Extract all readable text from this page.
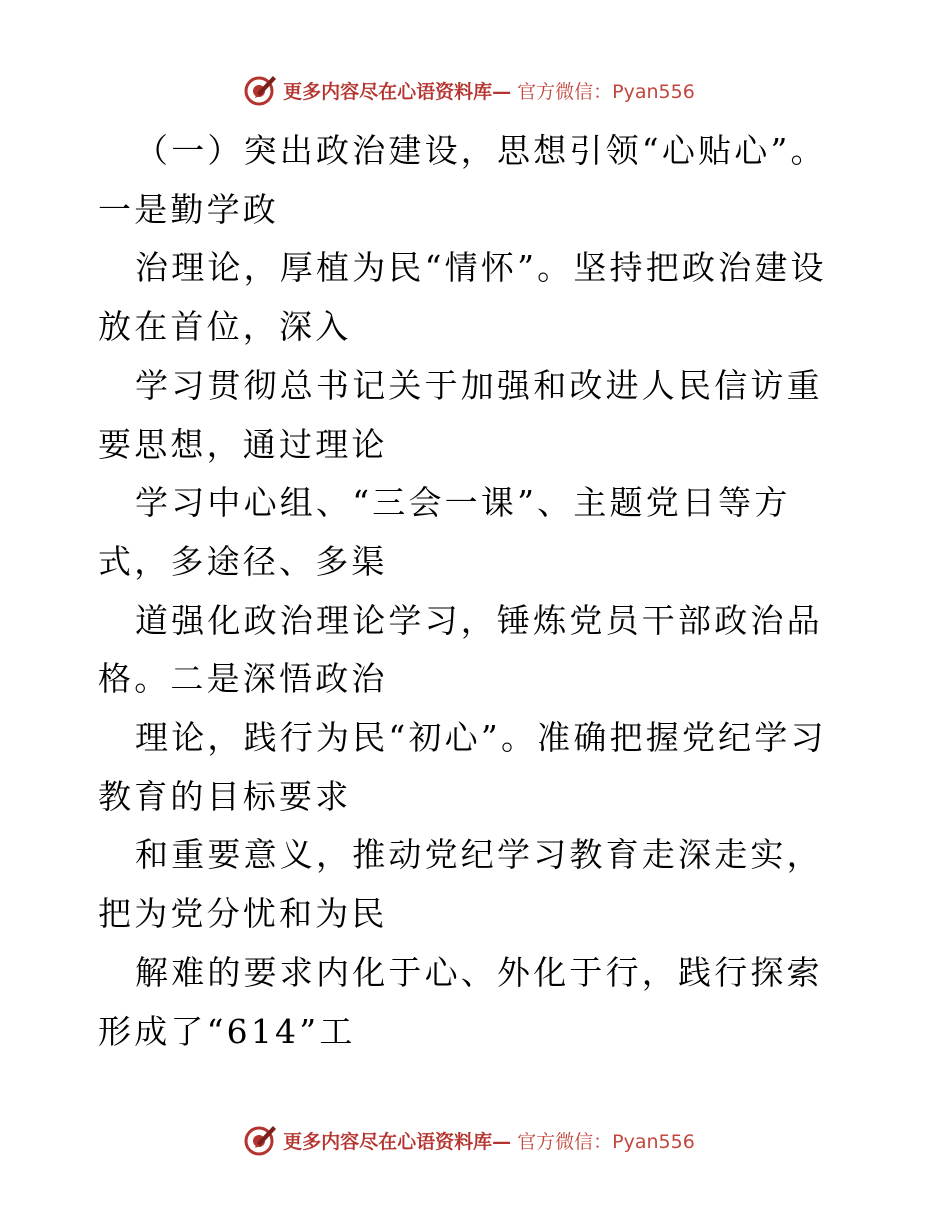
更多内容尽在心语资料库— 官方微信：Pyan556

（一）突出政治建设，思想引领“心贴心”。一是勤学政

治理论，厚植为民“情怀”。坚持把政治建设放在首位，深入

学习贯彻总书记关于加强和改进人民信访重要思想，通过理论

学习中心组、“三会一课”、主题党日等方式，多途径、多渠

道强化政治理论学习，锤炼党员干部政治品格。二是深悟政治

理论，践行为民“初心”。准确把握党纪学习教育的目标要求

和重要意义，推动党纪学习教育走深走实，把为党分忧和为民

解难的要求内化于心、外化于行，践行探索形成了“614”工

更多内容尽在心语资料库— 官方微信：Pyan556
